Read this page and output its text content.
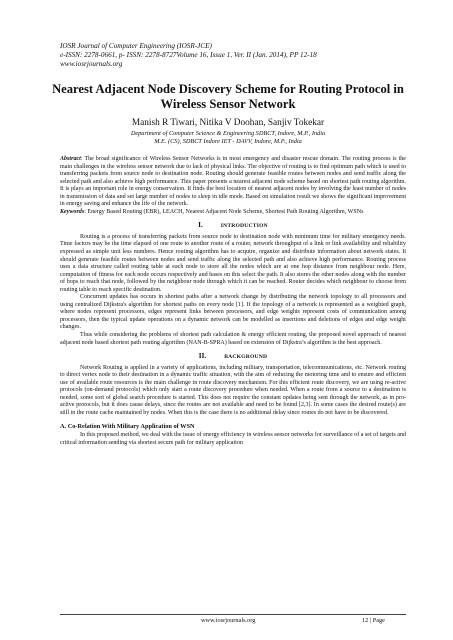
IOSR Journal of Computer Engineering (IOSR-JCE)
e-ISSN: 2278-0661, p- ISSN: 2278-8727Volume 16, Issue 1, Ver. II (Jan. 2014), PP 12-18
www.iosrjournals.org
Nearest Adjacent Node Discovery Scheme for Routing Protocol in
Wireless Sensor Network
Manish R Tiwari, Nitika V Doohan, Sanjiv Tokekar
Department of Computer Science & Engineering SDBCT, Indore, M.P., India
M.E. (CS), SDBCT Indore IET - DAVV, Indore, M.P., India

Abstract: The broad significance of Wireless Sensor Networks is in most emergency and disaster rescue domain. The routing process is the main challenges in the wireless sensor network due to lack of physical links. The objective of routing is to find optimum path which is used to transferring packets from source node to destination node. Routing should generate feasible routes between nodes and send traffic along the selected path and also achieve high performance. This paper presents a nearest adjacent node scheme based on shortest path routing algorithm. It is plays an important role in energy conservation. It finds the best location of nearest adjacent nodes by involving the least number of nodes in transmission of data and set large number of nodes to sleep in idle mode. Based on simulation result we shows the significant improvement in energy saving and enhance the life of the network.

Keywords: Energy Based Routing (EBR), LEACH, Nearest Adjacent Node Scheme, Shortest Path Routing Algorithm, WSNs

I.	INTRODUCTION

Routing is a process of transferring packets from source node to destination node with minimum time for military emergency needs. Time factors may be the time elapsed of one route to another route of a router, network throughput of a link or link availability and reliability expressed as simple unit less numbers. Hence routing algorithm has to acquire, organize and distribute information about network states. It should generate feasible routes between nodes and send traffic along the selected path and also achieve high performance. Routing process uses a data structure called routing table at each node to store all the nodes which are at one hop distance from neighbour node. Here, computation of fitness for each node occurs respectively and bases on this select the path. It also stores the other nodes along with the number of hops to reach that node, followed by the neighbour node through which it can be reached. Router decides which neighbour to choose from routing table to reach specific destination.

Concurrent updates has occurs in shortest paths after a network change by distributing the network topology to all processors and using centralized Dijkstra's algorithm for shortest paths on every node [1]. If the topology of a network is represented as a weighted graph, where nodes represent processors, edges represent links between processors, and edge weights represent costs of communication among processors, then the typical update operations on a dynamic network can be modelled as insertions and deletions of edges and edge weight changes.

Thus while considering the problems of shortest path calculation & energy efficient routing, the proposed novel approach of nearest adjacent node based shortest path routing algorithm (NAN-B-SPRA) based on extension of Dijkstra’s algorithm is the best approach.

II.	BACKGROUND

Network Routing is applied in a variety of applications, including military, transportation, telecommunications, etc. Network routing to direct vertex node to their destination in a dynamic traffic situation, with the aim of reducing the motoring time and to ensure and efficient use of available route resources is the main challenge in route discovery mechanism. For this efficient route discovery, we are using re-active protocols (on-demand protocols) which only start a route discovery procedure when needed. When a route from a source to a destination is needed, some sort of global search procedure is started. This does not require the constant updates being sent through the network, as in pro-active protocols, but it does cause delays, since the routes are not available and need to be found [2,3]. In some cases the desired route(s) are still in the route cache maintained by nodes. When this is the case there is no additional delay since routes do not have to be discovered.

A. Co-Relation With Military Application of WSN

In this proposed method, we deal with the issue of energy efficiency in wireless sensor networks for surveillance of a set of targets and critical information sending via shortest secure path for military application

www.iosrjournals.org	12 | Page
